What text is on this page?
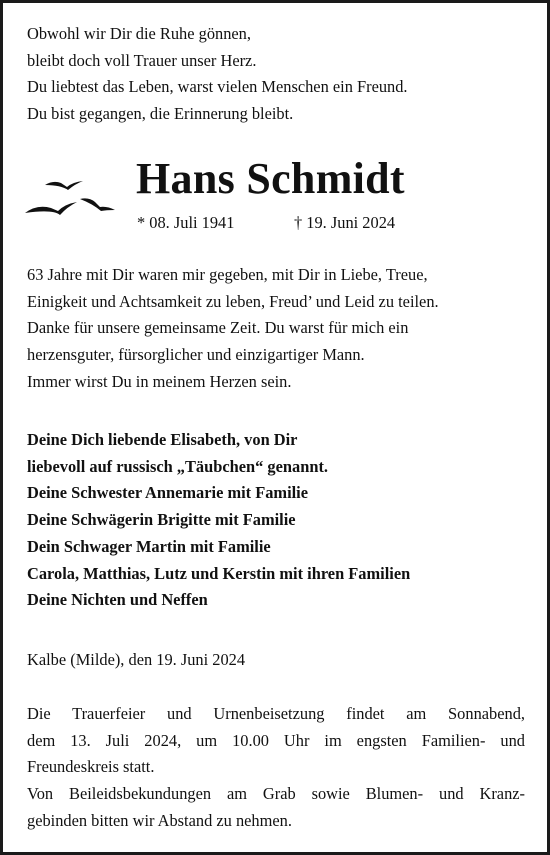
Obwohl wir Dir die Ruhe gönnen,
bleibt doch voll Trauer unser Herz.
Du liebtest das Leben, warst vielen Menschen ein Freund.
Du bist gegangen, die Erinnerung bleibt.
Hans Schmidt
* 08. Juli 1941	† 19. Juni 2024
63 Jahre mit Dir waren mir gegeben, mit Dir in Liebe, Treue,
Einigkeit und Achtsamkeit zu leben, Freud’ und Leid zu teilen.
Danke für unsere gemeinsame Zeit. Du warst für mich ein
herzensguter, fürsorglicher und einzigartiger Mann.
Immer wirst Du in meinem Herzen sein.
Deine Dich liebende Elisabeth, von Dir
liebevoll auf russisch „Täubchen“ genannt.
Deine Schwester Annemarie mit Familie
Deine Schwägerin Brigitte mit Familie
Dein Schwager Martin mit Familie
Carola, Matthias, Lutz und Kerstin mit ihren Familien
Deine Nichten und Neffen
Kalbe (Milde), den 19. Juni 2024
Die Trauerfeier und Urnenbeisetzung findet am Sonnabend,
dem 13. Juli 2024, um 10.00 Uhr im engsten Familien- und
Freundeskreis statt.
Von Beileidsbekundungen am Grab sowie Blumen- und Kranz-
gebinden bitten wir Abstand zu nehmen.
